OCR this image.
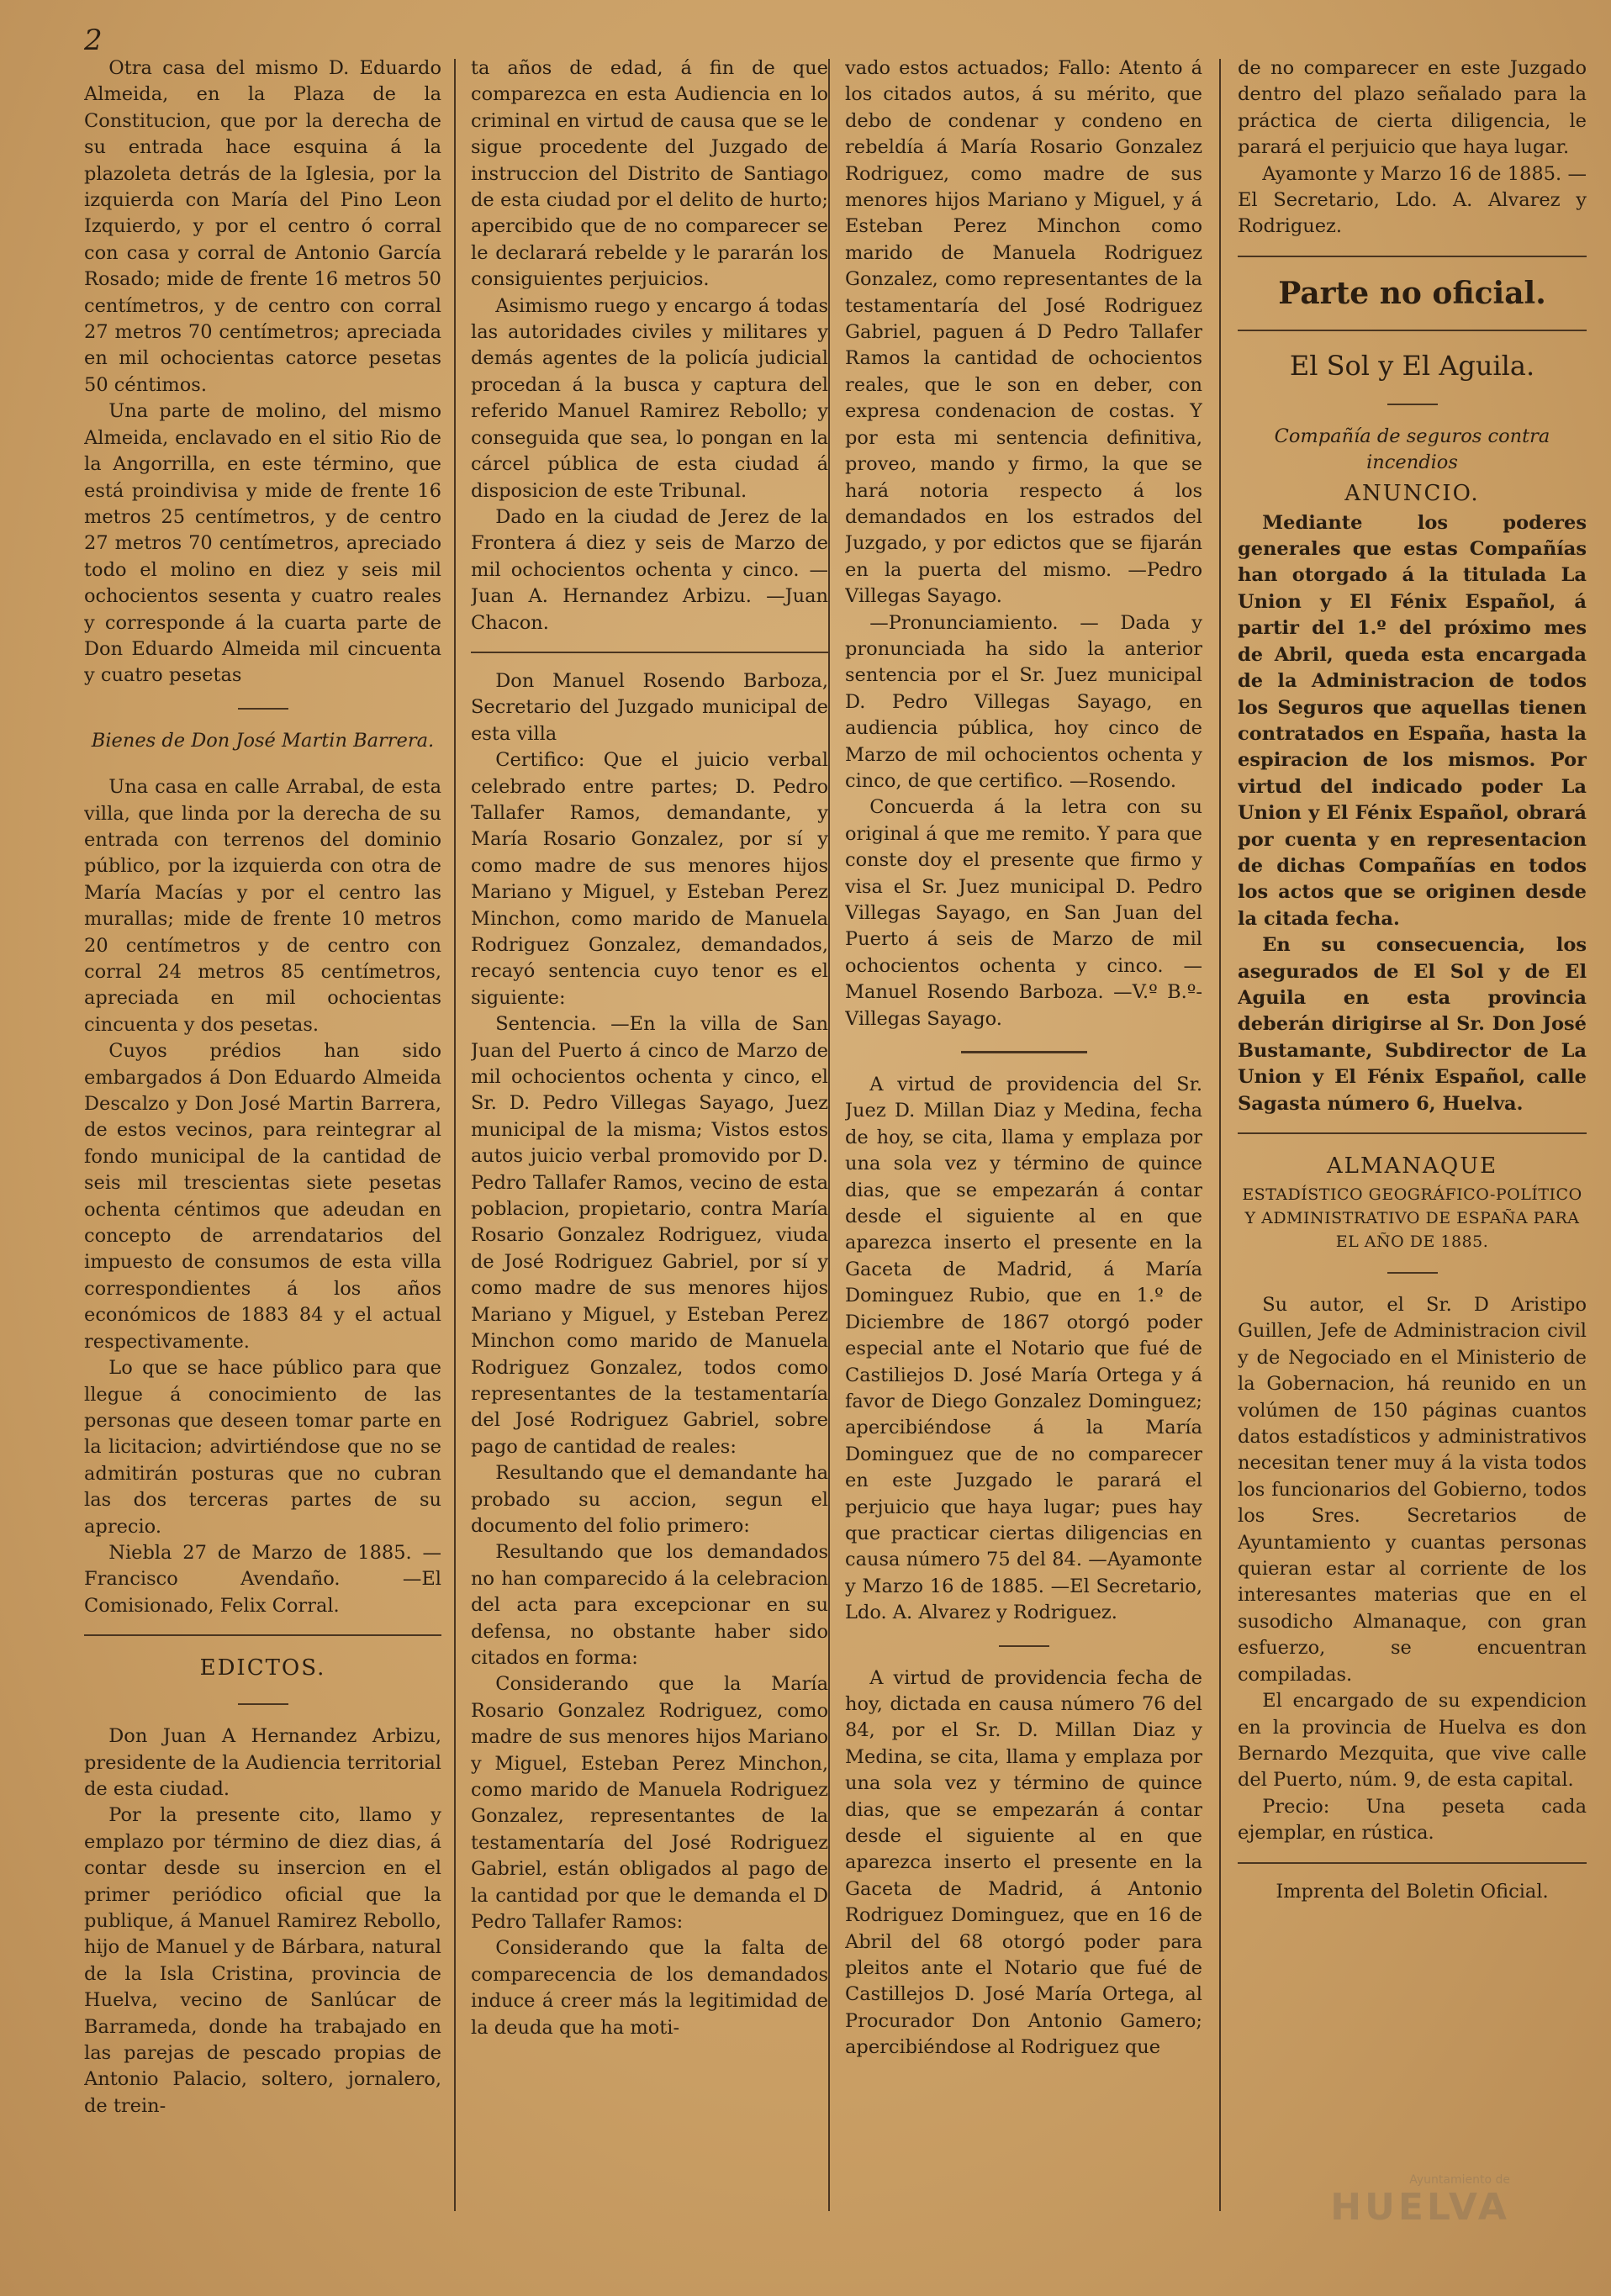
2

Otra casa del mismo D. Eduardo Almeida, en la Plaza de la Constitucion, que por la derecha de su entrada hace esquina á la plazoleta detrás de la Iglesia, por la izquierda con María del Pino Leon Izquierdo, y por el centro ó corral con casa y corral de Antonio García Rosado; mide de frente 16 metros 50 centímetros, y de centro con corral 27 metros 70 centímetros; apreciada en mil ochocientas catorce pesetas 50 céntimos.

Una parte de molino, del mismo Almeida, enclavado en el sitio Rio de la Angorrilla, en este término, que está proindivisa y mide de frente 16 metros 25 centímetros, y de centro 27 metros 70 centímetros, apreciado todo el molino en diez y seis mil ochocientos sesenta y cuatro reales y corresponde á la cuarta parte de Don Eduardo Almeida mil cincuenta y cuatro pesetas

Bienes de Don José Martin Barrera.

Una casa en calle Arrabal, de esta villa, que linda por la derecha de su entrada con terrenos del dominio público, por la izquierda con otra de María Macías y por el centro las murallas; mide de frente 10 metros 20 centímetros y de centro con corral 24 metros 85 centímetros, apreciada en mil ochocientas cincuenta y dos pesetas.

Cuyos prédios han sido embargados á Don Eduardo Almeida Descalzo y Don José Martin Barrera, de estos vecinos, para reintegrar al fondo municipal de la cantidad de seis mil trescientas siete pesetas ochenta céntimos que adeudan en concepto de arrendatarios del impuesto de consumos de esta villa correspondientes á los años económicos de 1883 84 y el actual respectivamente.

Lo que se hace público para que llegue á conocimiento de las personas que deseen tomar parte en la licitacion; advirtiéndose que no se admitirán posturas que no cubran las dos terceras partes de su aprecio.

Niebla 27 de Marzo de 1885. —Francisco Avendaño. —El Comisionado, Felix Corral.

EDICTOS.

Don Juan A Hernandez Arbizu, presidente de la Audiencia territorial de esta ciudad.

Por la presente cito, llamo y emplazo por término de diez dias, á contar desde su insercion en el primer periódico oficial que la publique, á Manuel Ramirez Rebollo, hijo de Manuel y de Bárbara, natural de la Isla Cristina, provincia de Huelva, vecino de Sanlúcar de Barrameda, donde ha trabajado en las parejas de pescado propias de Antonio Palacio, soltero, jornalero, de trein-

ta años de edad, á fin de que comparezca en esta Audiencia en lo criminal en virtud de causa que se le sigue procedente del Juzgado de instruccion del Distrito de Santiago de esta ciudad por el delito de hurto; apercibido que de no comparecer se le declarará rebelde y le pararán los consiguientes perjuicios.

Asimismo ruego y encargo á todas las autoridades civiles y militares y demás agentes de la policía judicial procedan á la busca y captura del referido Manuel Ramirez Rebollo; y conseguida que sea, lo pongan en la cárcel pública de esta ciudad á disposicion de este Tribunal.

Dado en la ciudad de Jerez de la Frontera á diez y seis de Marzo de mil ochocientos ochenta y cinco. —Juan A. Hernandez Arbizu. —Juan Chacon.

Don Manuel Rosendo Barboza, Secretario del Juzgado municipal de esta villa

Certifico: Que el juicio verbal celebrado entre partes; D. Pedro Tallafer Ramos, demandante, y María Rosario Gonzalez, por sí y como madre de sus menores hijos Mariano y Miguel, y Esteban Perez Minchon, como marido de Manuela Rodriguez Gonzalez, demandados, recayó sentencia cuyo tenor es el siguiente:

Sentencia. —En la villa de San Juan del Puerto á cinco de Marzo de mil ochocientos ochenta y cinco, el Sr. D. Pedro Villegas Sayago, Juez municipal de la misma; Vistos estos autos juicio verbal promovido por D. Pedro Tallafer Ramos, vecino de esta poblacion, propietario, contra María Rosario Gonzalez Rodriguez, viuda de José Rodriguez Gabriel, por sí y como madre de sus menores hijos Mariano y Miguel, y Esteban Perez Minchon como marido de Manuela Rodriguez Gonzalez, todos como representantes de la testamentaría del José Rodriguez Gabriel, sobre pago de cantidad de reales:

Resultando que el demandante ha probado su accion, segun el documento del folio primero:

Resultando que los demandados no han comparecido á la celebracion del acta para excepcionar en su defensa, no obstante haber sido citados en forma:

Considerando que la María Rosario Gonzalez Rodriguez, como madre de sus menores hijos Mariano y Miguel, Esteban Perez Minchon, como marido de Manuela Rodriguez Gonzalez, representantes de la testamentaría del José Rodriguez Gabriel, están obligados al pago de la cantidad por que le demanda el D Pedro Tallafer Ramos:

Considerando que la falta de comparecencia de los demandados induce á creer más la legitimidad de la deuda que ha moti-

vado estos actuados; Fallo: Atento á los citados autos, á su mérito, que debo de condenar y condeno en rebeldía á María Rosario Gonzalez Rodriguez, como madre de sus menores hijos Mariano y Miguel, y á Esteban Perez Minchon como marido de Manuela Rodriguez Gonzalez, como representantes de la testamentaría del José Rodriguez Gabriel, paguen á D Pedro Tallafer Ramos la cantidad de ochocientos reales, que le son en deber, con expresa condenacion de costas. Y por esta mi sentencia definitiva, proveo, mando y firmo, la que se hará notoria respecto á los demandados en los estrados del Juzgado, y por edictos que se fijarán en la puerta del mismo. —Pedro Villegas Sayago.

—Pronunciamiento. — Dada y pronunciada ha sido la anterior sentencia por el Sr. Juez municipal D. Pedro Villegas Sayago, en audiencia pública, hoy cinco de Marzo de mil ochocientos ochenta y cinco, de que certifico. —Rosendo.

Concuerda á la letra con su original á que me remito. Y para que conste doy el presente que firmo y visa el Sr. Juez municipal D. Pedro Villegas Sayago, en San Juan del Puerto á seis de Marzo de mil ochocientos ochenta y cinco. —Manuel Rosendo Barboza. —V.º B.º-Villegas Sayago.

A virtud de providencia del Sr. Juez D. Millan Diaz y Medina, fecha de hoy, se cita, llama y emplaza por una sola vez y término de quince dias, que se empezarán á contar desde el siguiente al en que aparezca inserto el presente en la Gaceta de Madrid, á María Dominguez Rubio, que en 1.º de Diciembre de 1867 otorgó poder especial ante el Notario que fué de Castiliejos D. José María Ortega y á favor de Diego Gonzalez Dominguez; apercibiéndose á la María Dominguez que de no comparecer en este Juzgado le parará el perjuicio que haya lugar; pues hay que practicar ciertas diligencias en causa número 75 del 84. —Ayamonte y Marzo 16 de 1885. —El Secretario, Ldo. A. Alvarez y Rodriguez.

A virtud de providencia fecha de hoy, dictada en causa número 76 del 84, por el Sr. D. Millan Diaz y Medina, se cita, llama y emplaza por una sola vez y término de quince dias, que se empezarán á contar desde el siguiente al en que aparezca inserto el presente en la Gaceta de Madrid, á Antonio Rodriguez Dominguez, que en 16 de Abril del 68 otorgó poder para pleitos ante el Notario que fué de Castillejos D. José María Ortega, al Procurador Don Antonio Gamero; apercibiéndose al Rodriguez que

de no comparecer en este Juzgado dentro del plazo señalado para la práctica de cierta diligencia, le parará el perjuicio que haya lugar.

Ayamonte y Marzo 16 de 1885. —El Secretario, Ldo. A. Alvarez y Rodriguez.

Parte no oficial.

El Sol y El Aguila.

Compañía de seguros contra incendios

ANUNCIO.

Mediante los poderes generales que estas Compañías han otorgado á la titulada La Union y El Fénix Español, á partir del 1.º del próximo mes de Abril, queda esta encargada de la Administracion de todos los Seguros que aquellas tienen contratados en España, hasta la espiracion de los mismos. Por virtud del indicado poder La Union y El Fénix Español, obrará por cuenta y en representacion de dichas Compañías en todos los actos que se originen desde la citada fecha.

En su consecuencia, los asegurados de El Sol y de El Aguila en esta provincia deberán dirigirse al Sr. Don José Bustamante, Subdirector de La Union y El Fénix Español, calle Sagasta número 6, Huelva.

ALMANAQUE

ESTADÍSTICO GEOGRÁFICO-POLÍTICO Y ADMINISTRATIVO DE ESPAÑA PARA EL AÑO DE 1885.

Su autor, el Sr. D Aristipo Guillen, Jefe de Administracion civil y de Negociado en el Ministerio de la Gobernacion, há reunido en un volúmen de 150 páginas cuantos datos estadísticos y administrativos necesitan tener muy á la vista todos los funcionarios del Gobierno, todos los Sres. Secretarios de Ayuntamiento y cuantas personas quieran estar al corriente de los interesantes materias que en el susodicho Almanaque, con gran esfuerzo, se encuentran compiladas.

El encargado de su expendicion en la provincia de Huelva es don Bernardo Mezquita, que vive calle del Puerto, núm. 9, de esta capital.

Precio: Una peseta cada ejemplar, en rústica.

Imprenta del Boletin Oficial.

Ayuntamiento de
HUELVA
